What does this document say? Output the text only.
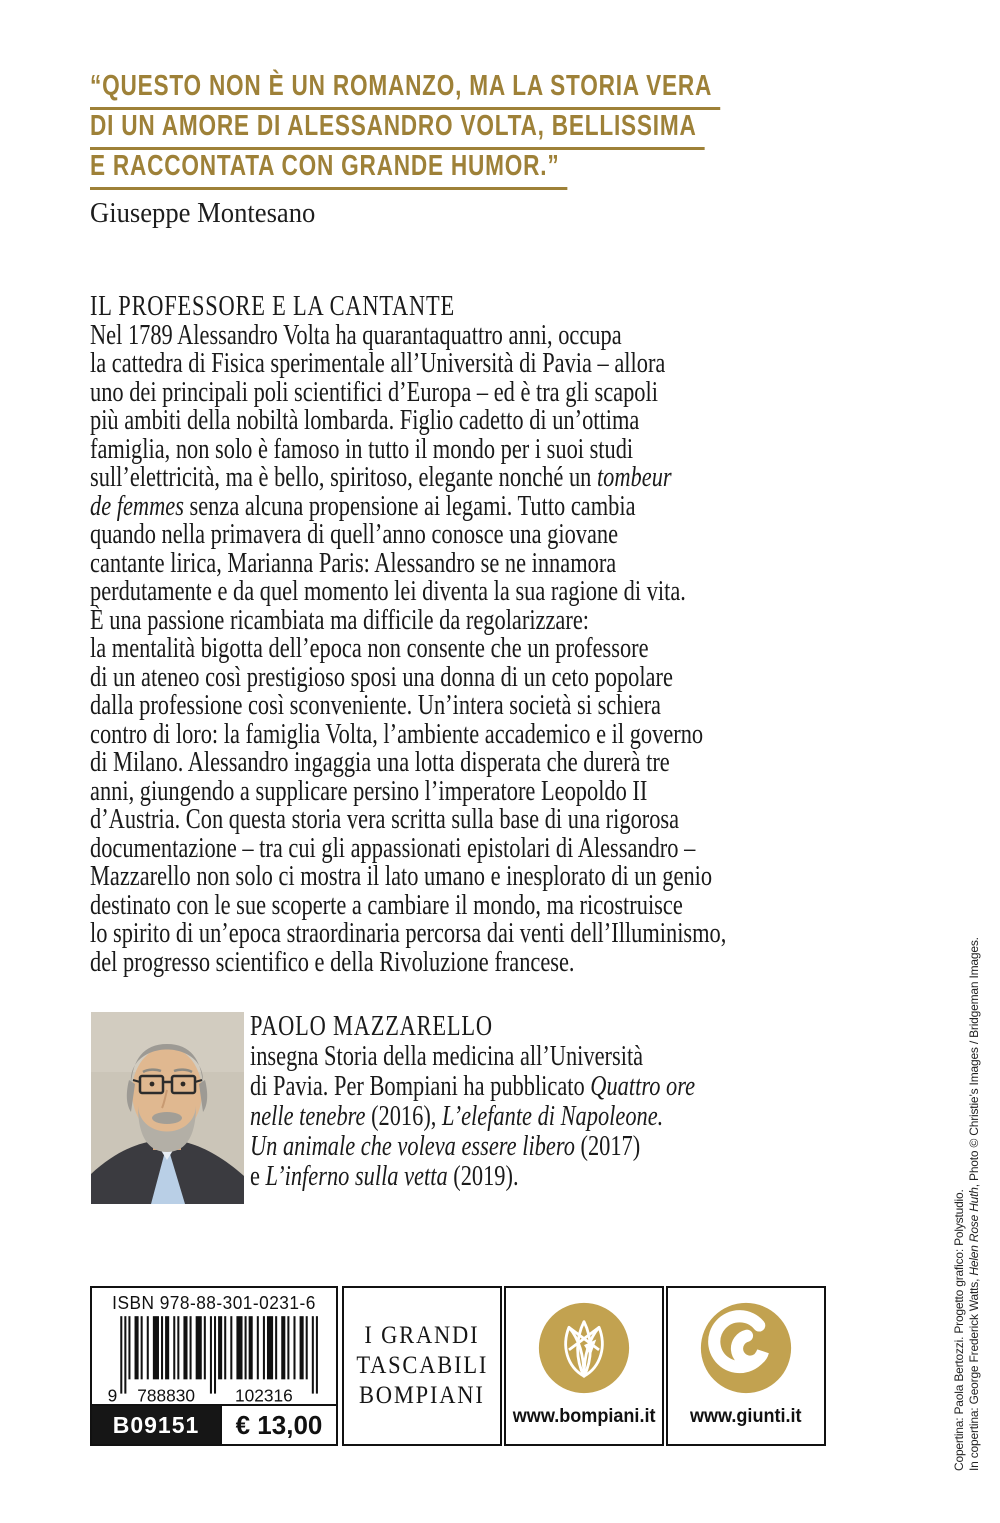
“QUESTO NON È UN ROMANZO, MA LA STORIA VERA
DI UN AMORE DI ALESSANDRO VOLTA, BELLISSIMA
E RACCONTATA CON GRANDE HUMOR.”
Giuseppe Montesano
IL PROFESSORE E LA CANTANTE
Nel 1789 Alessandro Volta ha quarantaquattro anni, occupa
la cattedra di Fisica sperimentale all’Università di Pavia – allora
uno dei principali poli scientifici d’Europa – ed è tra gli scapoli
più ambiti della nobiltà lombarda. Figlio cadetto di un’ottima
famiglia, non solo è famoso in tutto il mondo per i suoi studi
sull’elettricità, ma è bello, spiritoso, elegante nonché un tombeur
de femmes senza alcuna propensione ai legami. Tutto cambia
quando nella primavera di quell’anno conosce una giovane
cantante lirica, Marianna Paris: Alessandro se ne innamora
perdutamente e da quel momento lei diventa la sua ragione di vita.
È una passione ricambiata ma difficile da regolarizzare:
la mentalità bigotta dell’epoca non consente che un professore
di un ateneo così prestigioso sposi una donna di un ceto popolare
dalla professione così sconveniente. Un’intera società si schiera
contro di loro: la famiglia Volta, l’ambiente accademico e il governo
di Milano. Alessandro ingaggia una lotta disperata che durerà tre
anni, giungendo a supplicare persino l’imperatore Leopoldo II
d’Austria. Con questa storia vera scritta sulla base di una rigorosa
documentazione – tra cui gli appassionati epistolari di Alessandro –
Mazzarello non solo ci mostra il lato umano e inesplorato di un genio
destinato con le sue scoperte a cambiare il mondo, ma ricostruisce
lo spirito di un’epoca straordinaria percorsa dai venti dell’Illuminismo,
del progresso scientifico e della Rivoluzione francese.
PAOLO MAZZARELLO
insegna Storia della medicina all’Università
di Pavia. Per Bompiani ha pubblicato Quattro ore
nelle tenebre (2016), L’elefante di Napoleone.
Un animale che voleva essere libero (2017)
e L’inferno sulla vetta (2019).
ISBN 978-88-301-0231-6
9 788830 102316
B09151	€ 13,00
I GRANDI
TASCABILI
BOMPIANI
www.bompiani.it www.giunti.it	Copertina: Paola Bertozzi. Progetto grafico: Polystudio. In copertina: George Frederick Watts, Helen Rose Huth, Photo © Christie’s Images / Bridgeman Images.
